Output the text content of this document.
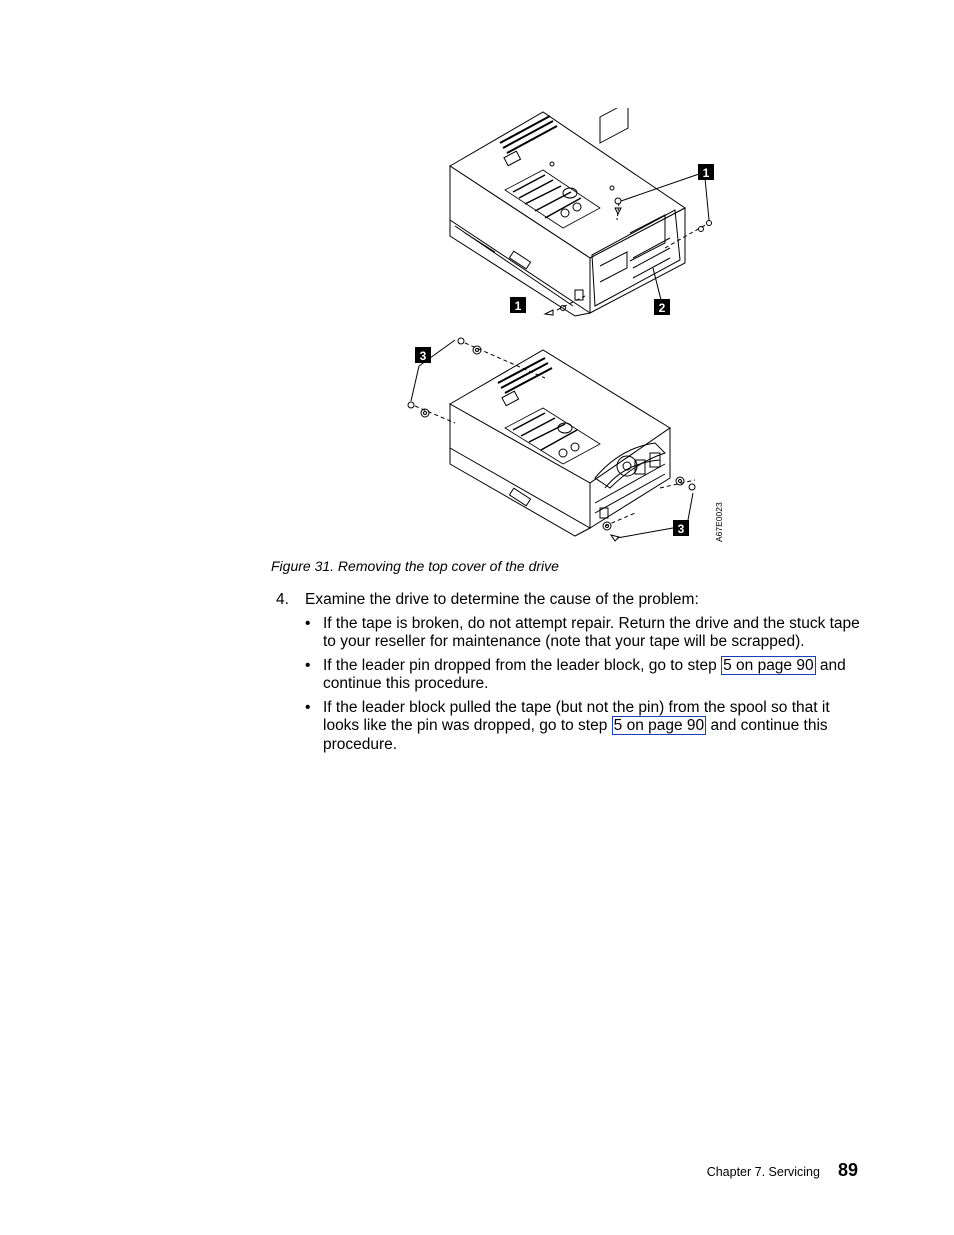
1
1	2
3
3	A67E0023
Figure 31. Removing the top cover of the drive
4. Examine the drive to determine the cause of the problem:
• If the tape is broken, do not attempt repair. Return the drive and the stuck tape to your reseller for maintenance (note that your tape will be scrapped).
• If the leader pin dropped from the leader block, go to step 5 on page 90 and continue this procedure.
• If the leader block pulled the tape (but not the pin) from the spool so that it looks like the pin was dropped, go to step 5 on page 90 and continue this procedure.
Chapter 7. Servicing 89
